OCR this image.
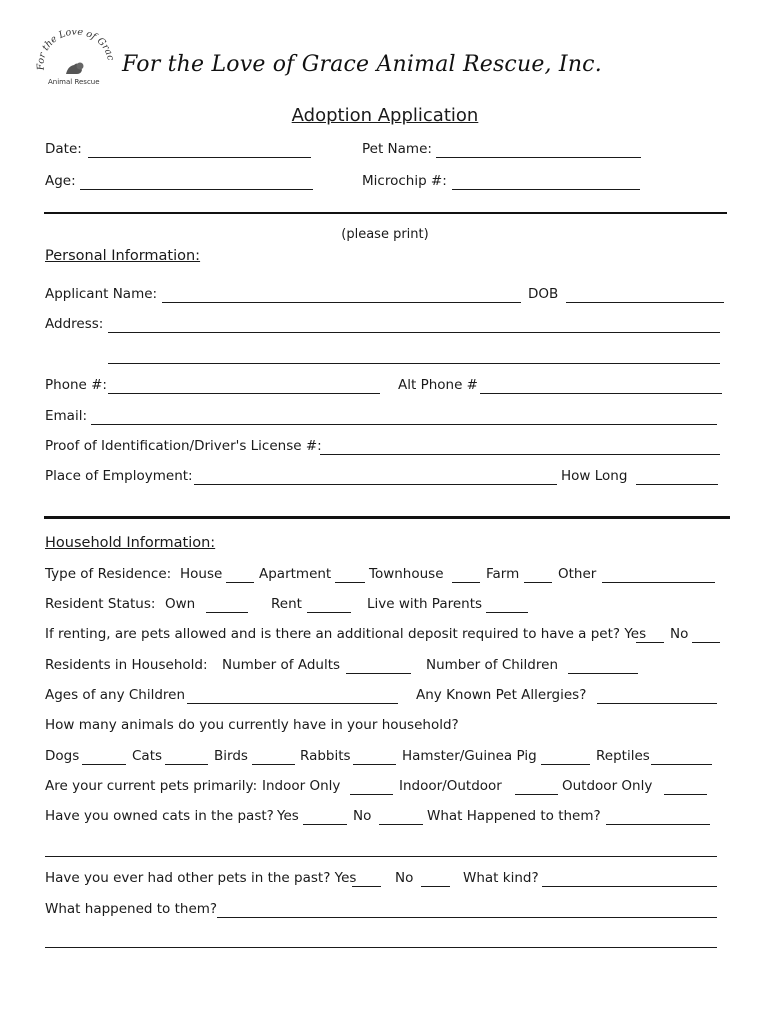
For the Love of Grac
Animal Rescue
For the Love of Grace Animal Rescue, Inc.
Adoption Application
Date:	Pet Name:
Age:	Microchip #:
(please print)
Personal Information:
Applicant Name:	DOB
Address:
Phone #:	Alt Phone #
Email:
Proof of Identification/Driver's License #:
Place of Employment:	How Long
Household Information:
Type of Residence: House	Apartment	Townhouse	Farm	Other
Resident Status: Own	Rent	Live with Parents
If renting, are pets allowed and is there an additional deposit required to have a pet? Yes No
Residents in Household: Number of Adults	Number of Children
Ages of any Children	Any Known Pet Allergies?
How many animals do you currently have in your household?
Dogs	Cats	Birds	Rabbits	Hamster/Guinea Pig	Reptiles
Are your current pets primarily: Indoor Only	Indoor/Outdoor	Outdoor Only
Have you owned cats in the past? Yes	No	What Happened to them?
Have you ever had other pets in the past? Yes	No	What kind?
What happened to them?
